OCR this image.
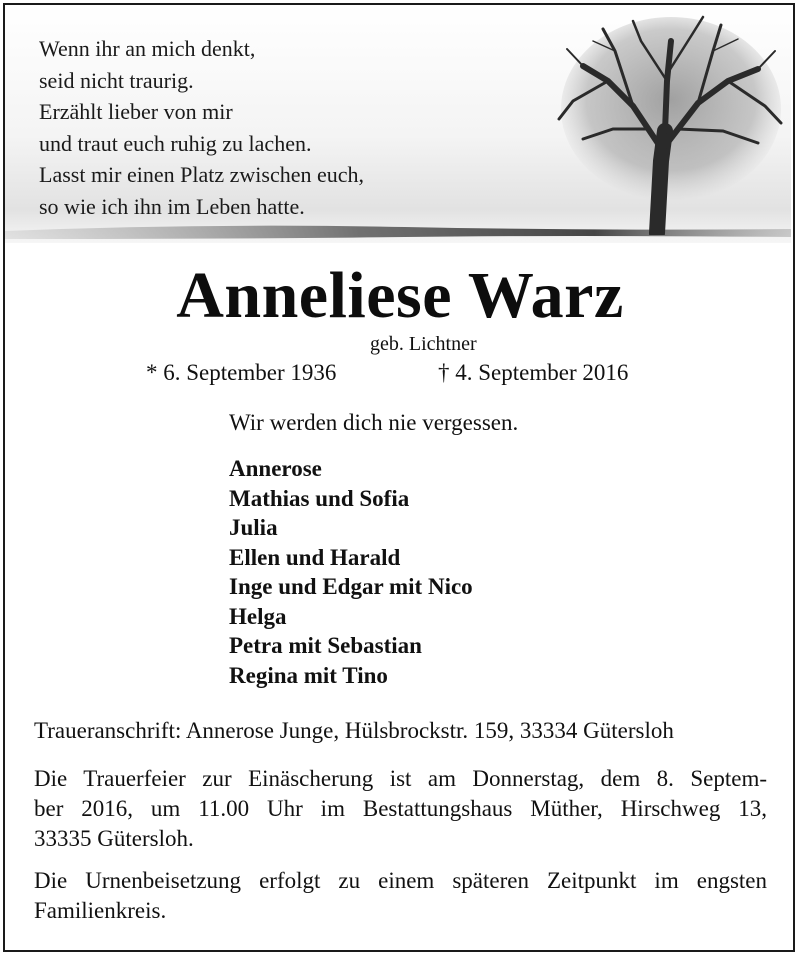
Wenn ihr an mich denkt,
seid nicht traurig.
Erzählt lieber von mir
und traut euch ruhig zu lachen.
Lasst mir einen Platz zwischen euch,
so wie ich ihn im Leben hatte.
Anneliese Warz
geb. Lichtner
* 6. September 1936	† 4. September 2016
Wir werden dich nie vergessen.
Annerose
Mathias und Sofia
Julia
Ellen und Harald
Inge und Edgar mit Nico
Helga
Petra mit Sebastian
Regina mit Tino
Traueranschrift: Annerose Junge, Hülsbrockstr. 159, 33334 Gütersloh
Die Trauerfeier zur Einäscherung ist am Donnerstag, dem 8. Septem-
ber 2016, um 11.00 Uhr im Bestattungshaus Müther, Hirschweg 13,
33335 Gütersloh.
Die Urnenbeisetzung erfolgt zu einem späteren Zeitpunkt im engsten
Familienkreis.
